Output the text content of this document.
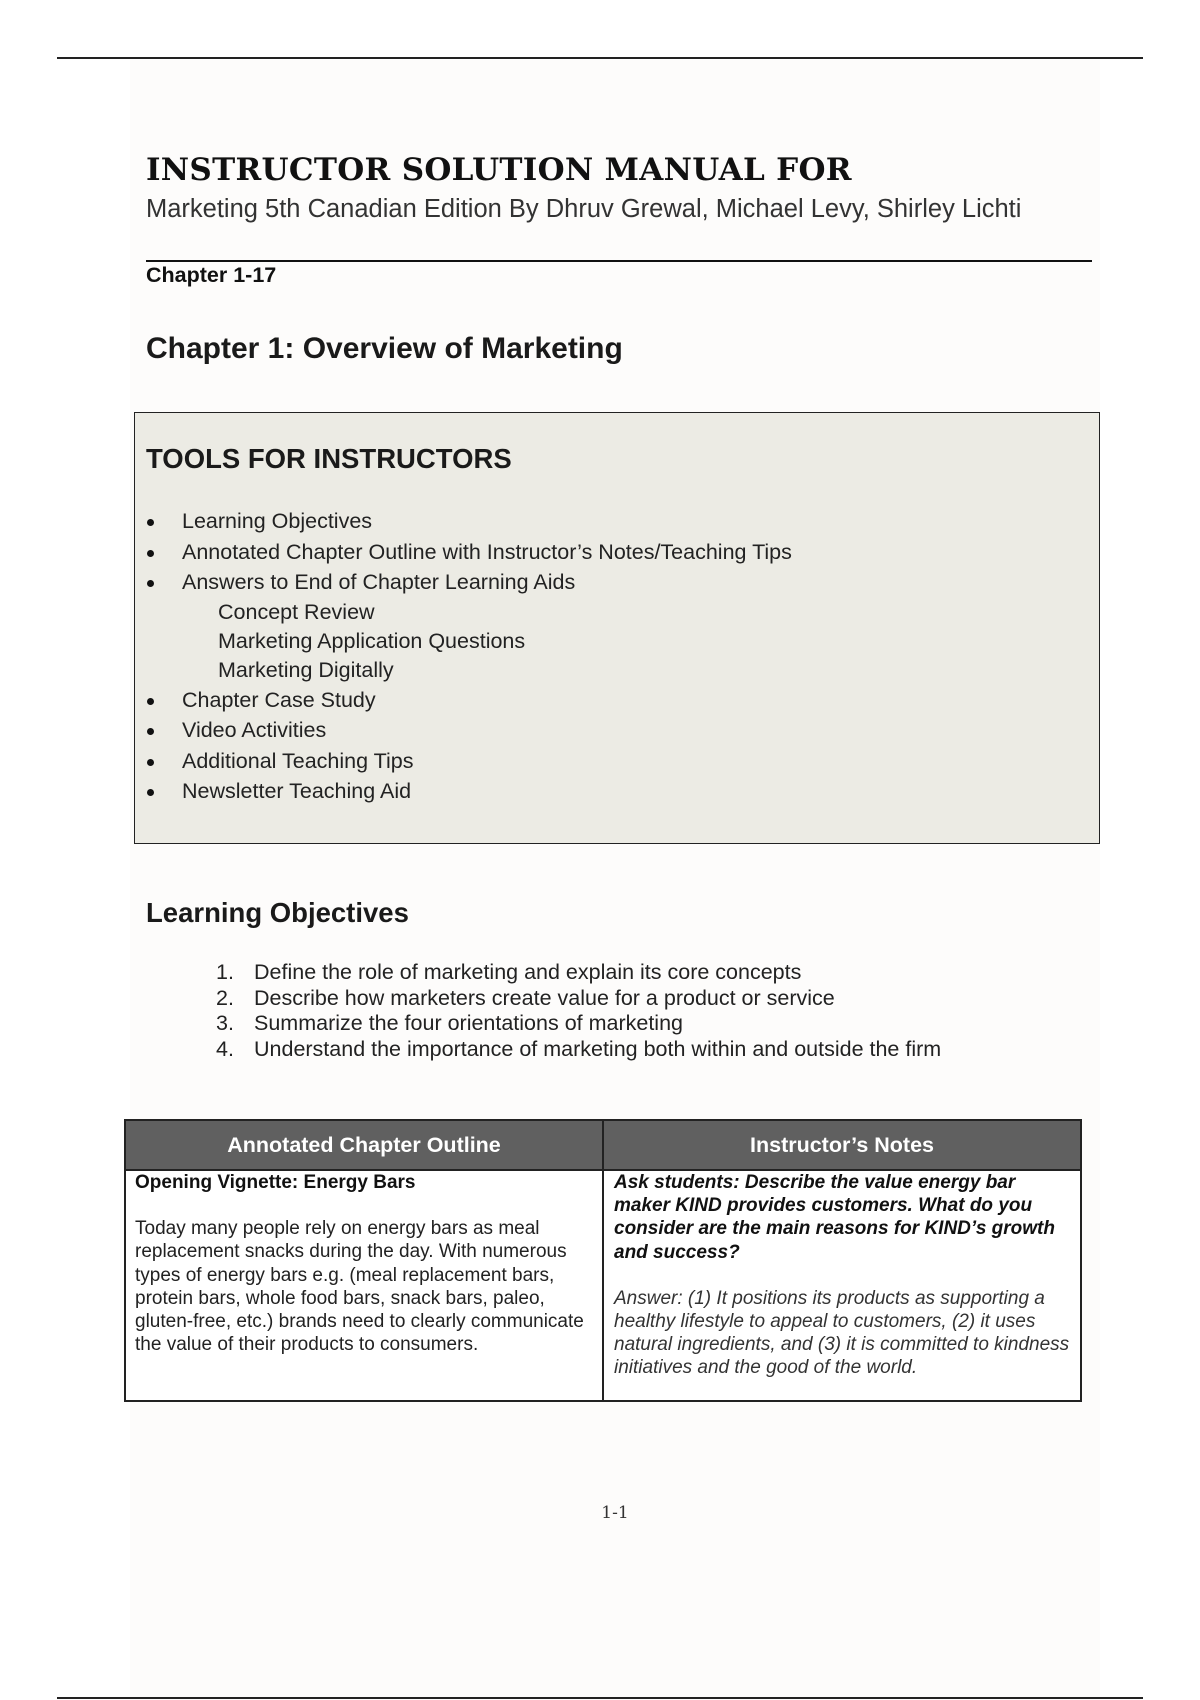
INSTRUCTOR SOLUTION MANUAL FOR

Marketing 5th Canadian Edition By Dhruv Grewal, Michael Levy, Shirley Lichti

Chapter 1-17

Chapter 1: Overview of Marketing
TOOLS FOR INSTRUCTORS
Learning Objectives
Annotated Chapter Outline with Instructor’s Notes/Teaching Tips
Answers to End of Chapter Learning Aids
Concept Review
Marketing Application Questions
Marketing Digitally
Chapter Case Study
Video Activities
Additional Teaching Tips
Newsletter Teaching Aid
Learning Objectives
1. Define the role of marketing and explain its core concepts
2. Describe how marketers create value for a product or service
3. Summarize the four orientations of marketing
4. Understand the importance of marketing both within and outside the firm
Annotated Chapter Outline	Instructor’s Notes
Opening Vignette: Energy Bars
Today many people rely on energy bars as meal replacement snacks during the day. With numerous types of energy bars e.g. (meal replacement bars, protein bars, whole food bars, snack bars, paleo, gluten-free, etc.) brands need to clearly communicate the value of their products to consumers.
Ask students: Describe the value energy bar maker KIND provides customers. What do you consider are the main reasons for KIND’s growth and success?
Answer: (1) It positions its products as supporting a healthy lifestyle to appeal to customers, (2) it uses natural ingredients, and (3) it is committed to kindness initiatives and the good of the world.
1-1
